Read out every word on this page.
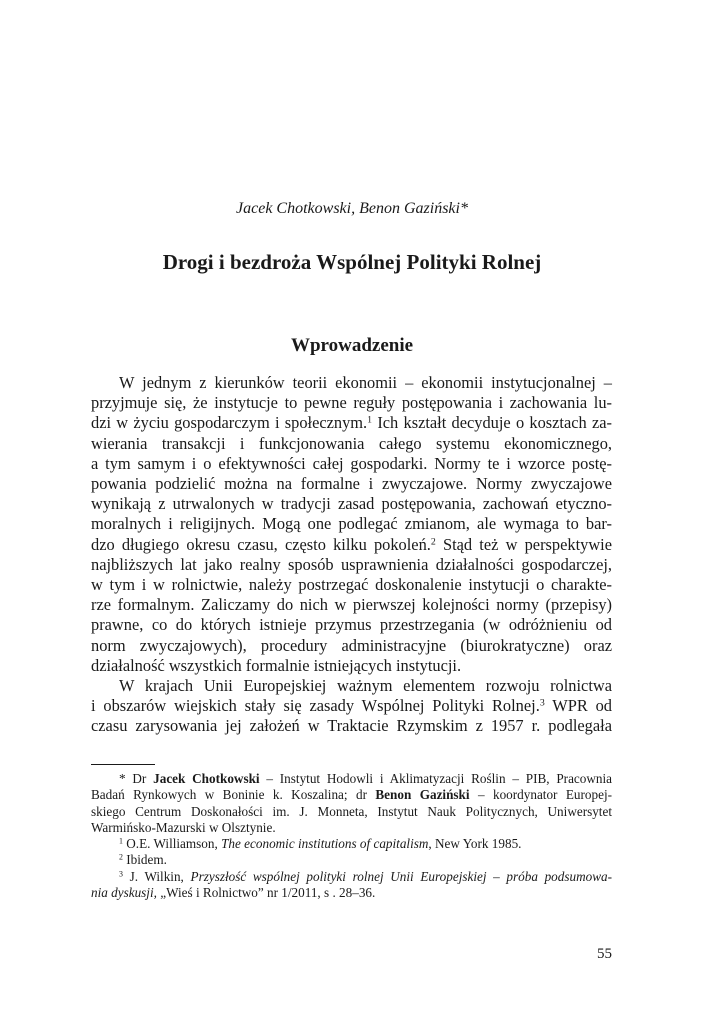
Jacek Chotkowski, Benon Gaziński*
Drogi i bezdroża Wspólnej Polityki Rolnej
Wprowadzenie
W jednym z kierunków teorii ekonomii – ekonomii instytucjonalnej –
przyjmuje się, że instytucje to pewne reguły postępowania i zachowania lu-
dzi w życiu gospodarczym i społecznym.$^1$ Ich kształt decyduje o kosztach za-
wierania transakcji i funkcjonowania całego systemu ekonomicznego,
a tym samym i o efektywności całej gospodarki. Normy te i wzorce postę-
powania podzielić można na formalne i zwyczajowe. Normy zwyczajowe
wynikają z utrwalonych w tradycji zasad postępowania, zachowań etyczno-
moralnych i religijnych. Mogą one podlegać zmianom, ale wymaga to bar-
dzo długiego okresu czasu, często kilku pokoleń.$^2$ Stąd też w perspektywie
najbliższych lat jako realny sposób usprawnienia działalności gospodarczej,
w tym i w rolnictwie, należy postrzegać doskonalenie instytucji o charakte-
rze formalnym. Zaliczamy do nich w pierwszej kolejności normy (przepisy)
prawne, co do których istnieje przymus przestrzegania (w odróżnieniu od
norm zwyczajowych), procedury administracyjne (biurokratyczne) oraz
działalność wszystkich formalnie istniejących instytucji.
W krajach Unii Europejskiej ważnym elementem rozwoju rolnictwa
i obszarów wiejskich stały się zasady Wspólnej Polityki Rolnej.$^3$ WPR od
czasu zarysowania jej założeń w Traktacie Rzymskim z 1957 r. podlegała
* Dr Jacek Chotkowski – Instytut Hodowli i Aklimatyzacji Roślin – PIB, Pracownia
Badań Rynkowych w Boninie k. Koszalina; dr Benon Gaziński – koordynator Europej-
skiego Centrum Doskonałości im. J. Monneta, Instytut Nauk Politycznych, Uniwersytet
Warmińsko-Mazurski w Olsztynie.
$^1$ O.E. Williamson, The economic institutions of capitalism, New York 1985.
$^2$ Ibidem.
$^3$ J. Wilkin, Przyszłość wspólnej polityki rolnej Unii Europejskiej – próba podsumowa-
nia dyskusji, „Wieś i Rolnictwo” nr 1/2011, s . 28–36.
55
